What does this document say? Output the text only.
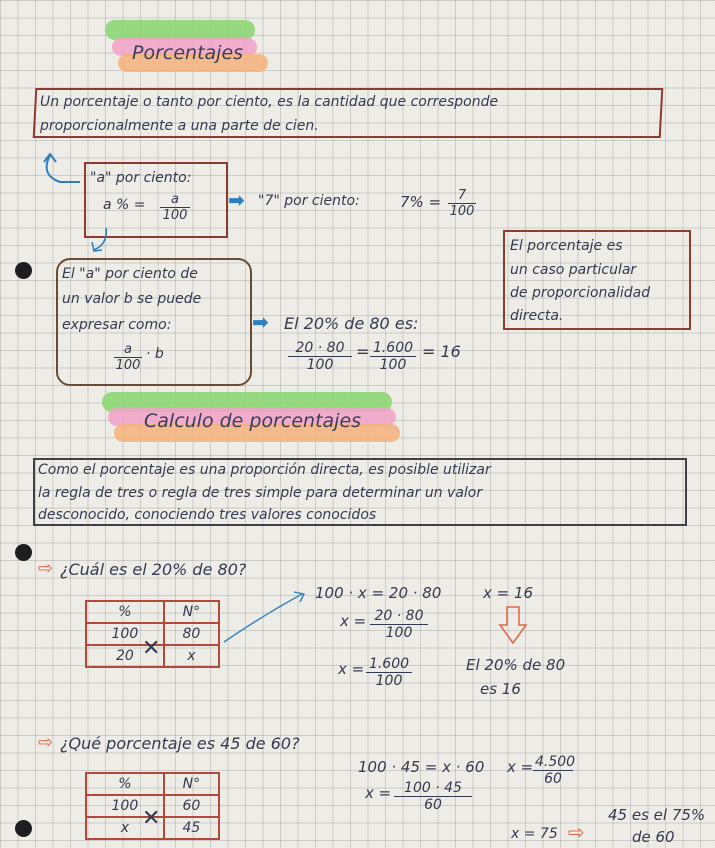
Porcentajes
Un porcentaje o tanto por ciento, es la cantidad que corresponde
proporcionalmente a una parte de cien.
"a" por ciento:
a % = $\frac{a}{100}$ ➡ "7" por ciento:	$7\% = \frac{7}{100}$
El "a" por ciento de
un valor b se puede
expresar como:
$\frac{a}{100} \cdot b$
➡ El 20% de 80 es:
$\frac{20 \cdot 80}{100} = \frac{1.600}{100} = 16$
El porcentaje es
un caso particular
de proporcionalidad
directa.
Calculo de porcentajes
Como el porcentaje es una proporción directa, es posible utilizar
la regla de tres o regla de tres simple para determinar un valor
desconocido, conociendo tres valores conocidos
⇨ ¿Cuál es el 20% de 80?
%	N°
100	80
20	x
✕
100 · x = 20 · 80
$x = \frac{20 \cdot 80}{100}$
$x = \frac{1.600}{100}$
x = 16
El 20% de 80
es 16
⇨ ¿Qué porcentaje es 45 de 60?
%	N°
100	60
x	45
✕
100 · 45 = x · 60
$x = \frac{100 \cdot 45}{60}$
$x = \frac{4.500}{60}$
x = 75 ⇨
45 es el 75%
de 60
